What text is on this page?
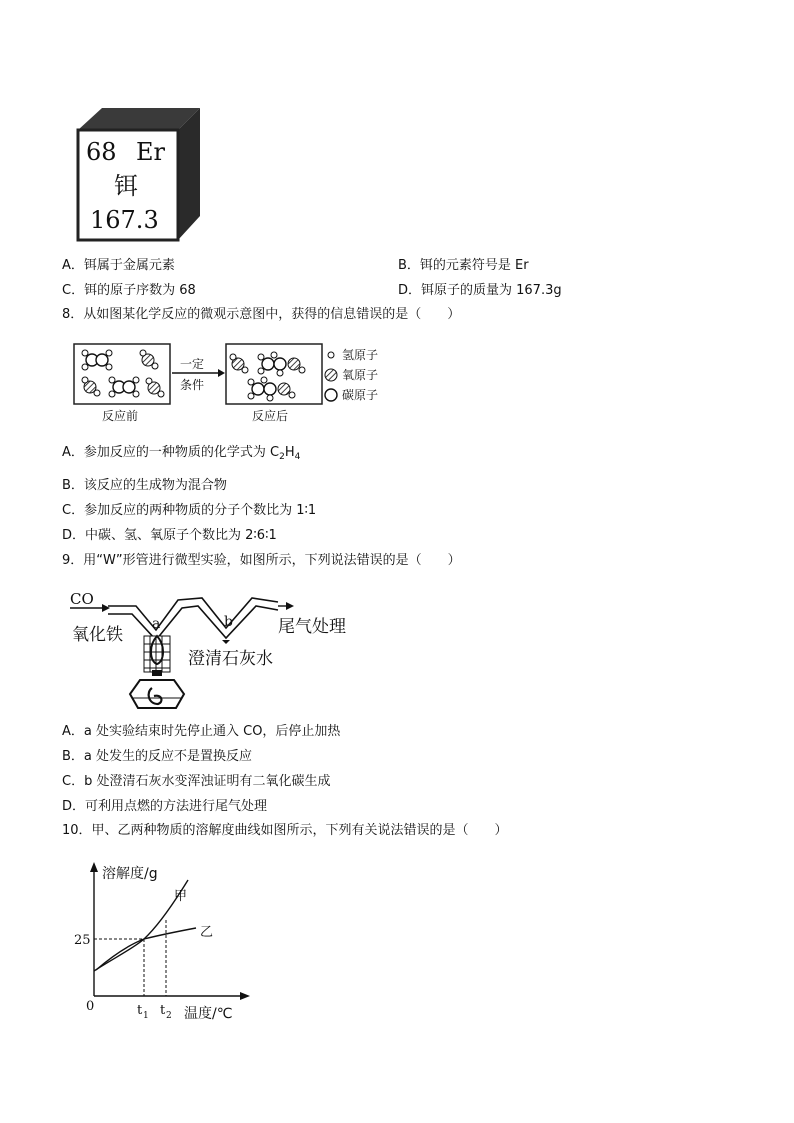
68 Er
铒
167.3
A．铒属于金属元素	B．铒的元素符号是 Er
C．铒的原子序数为 68	D．铒原子的质量为 167.3g
8．从如图某化学反应的微观示意图中，获得的信息错误的是（　　）
反应前
一定
条件
反应后
氢原子
氧原子
碳原子
A．参加反应的一种物质的化学式为 $C_2H_4$
B．该反应的生成物为混合物
C．参加反应的两种物质的分子个数比为 1∶1
D．中碳、氢、氧原子个数比为 2∶6∶1
9．用“W”形管进行微型实验，如图所示，下列说法错误的是（　　）
CO
a	b	尾气处理
氧化铁
澄清石灰水
A．a 处实验结束时先停止通入 CO，后停止加热
B．a 处发生的反应不是置换反应
C．b 处澄清石灰水变浑浊证明有二氧化碳生成
D．可利用点燃的方法进行尾气处理
10．甲、乙两种物质的溶解度曲线如图所示，下列有关说法错误的是（　　）
溶解度/g
温度/℃
0
25
甲
乙
t 1 t 2
